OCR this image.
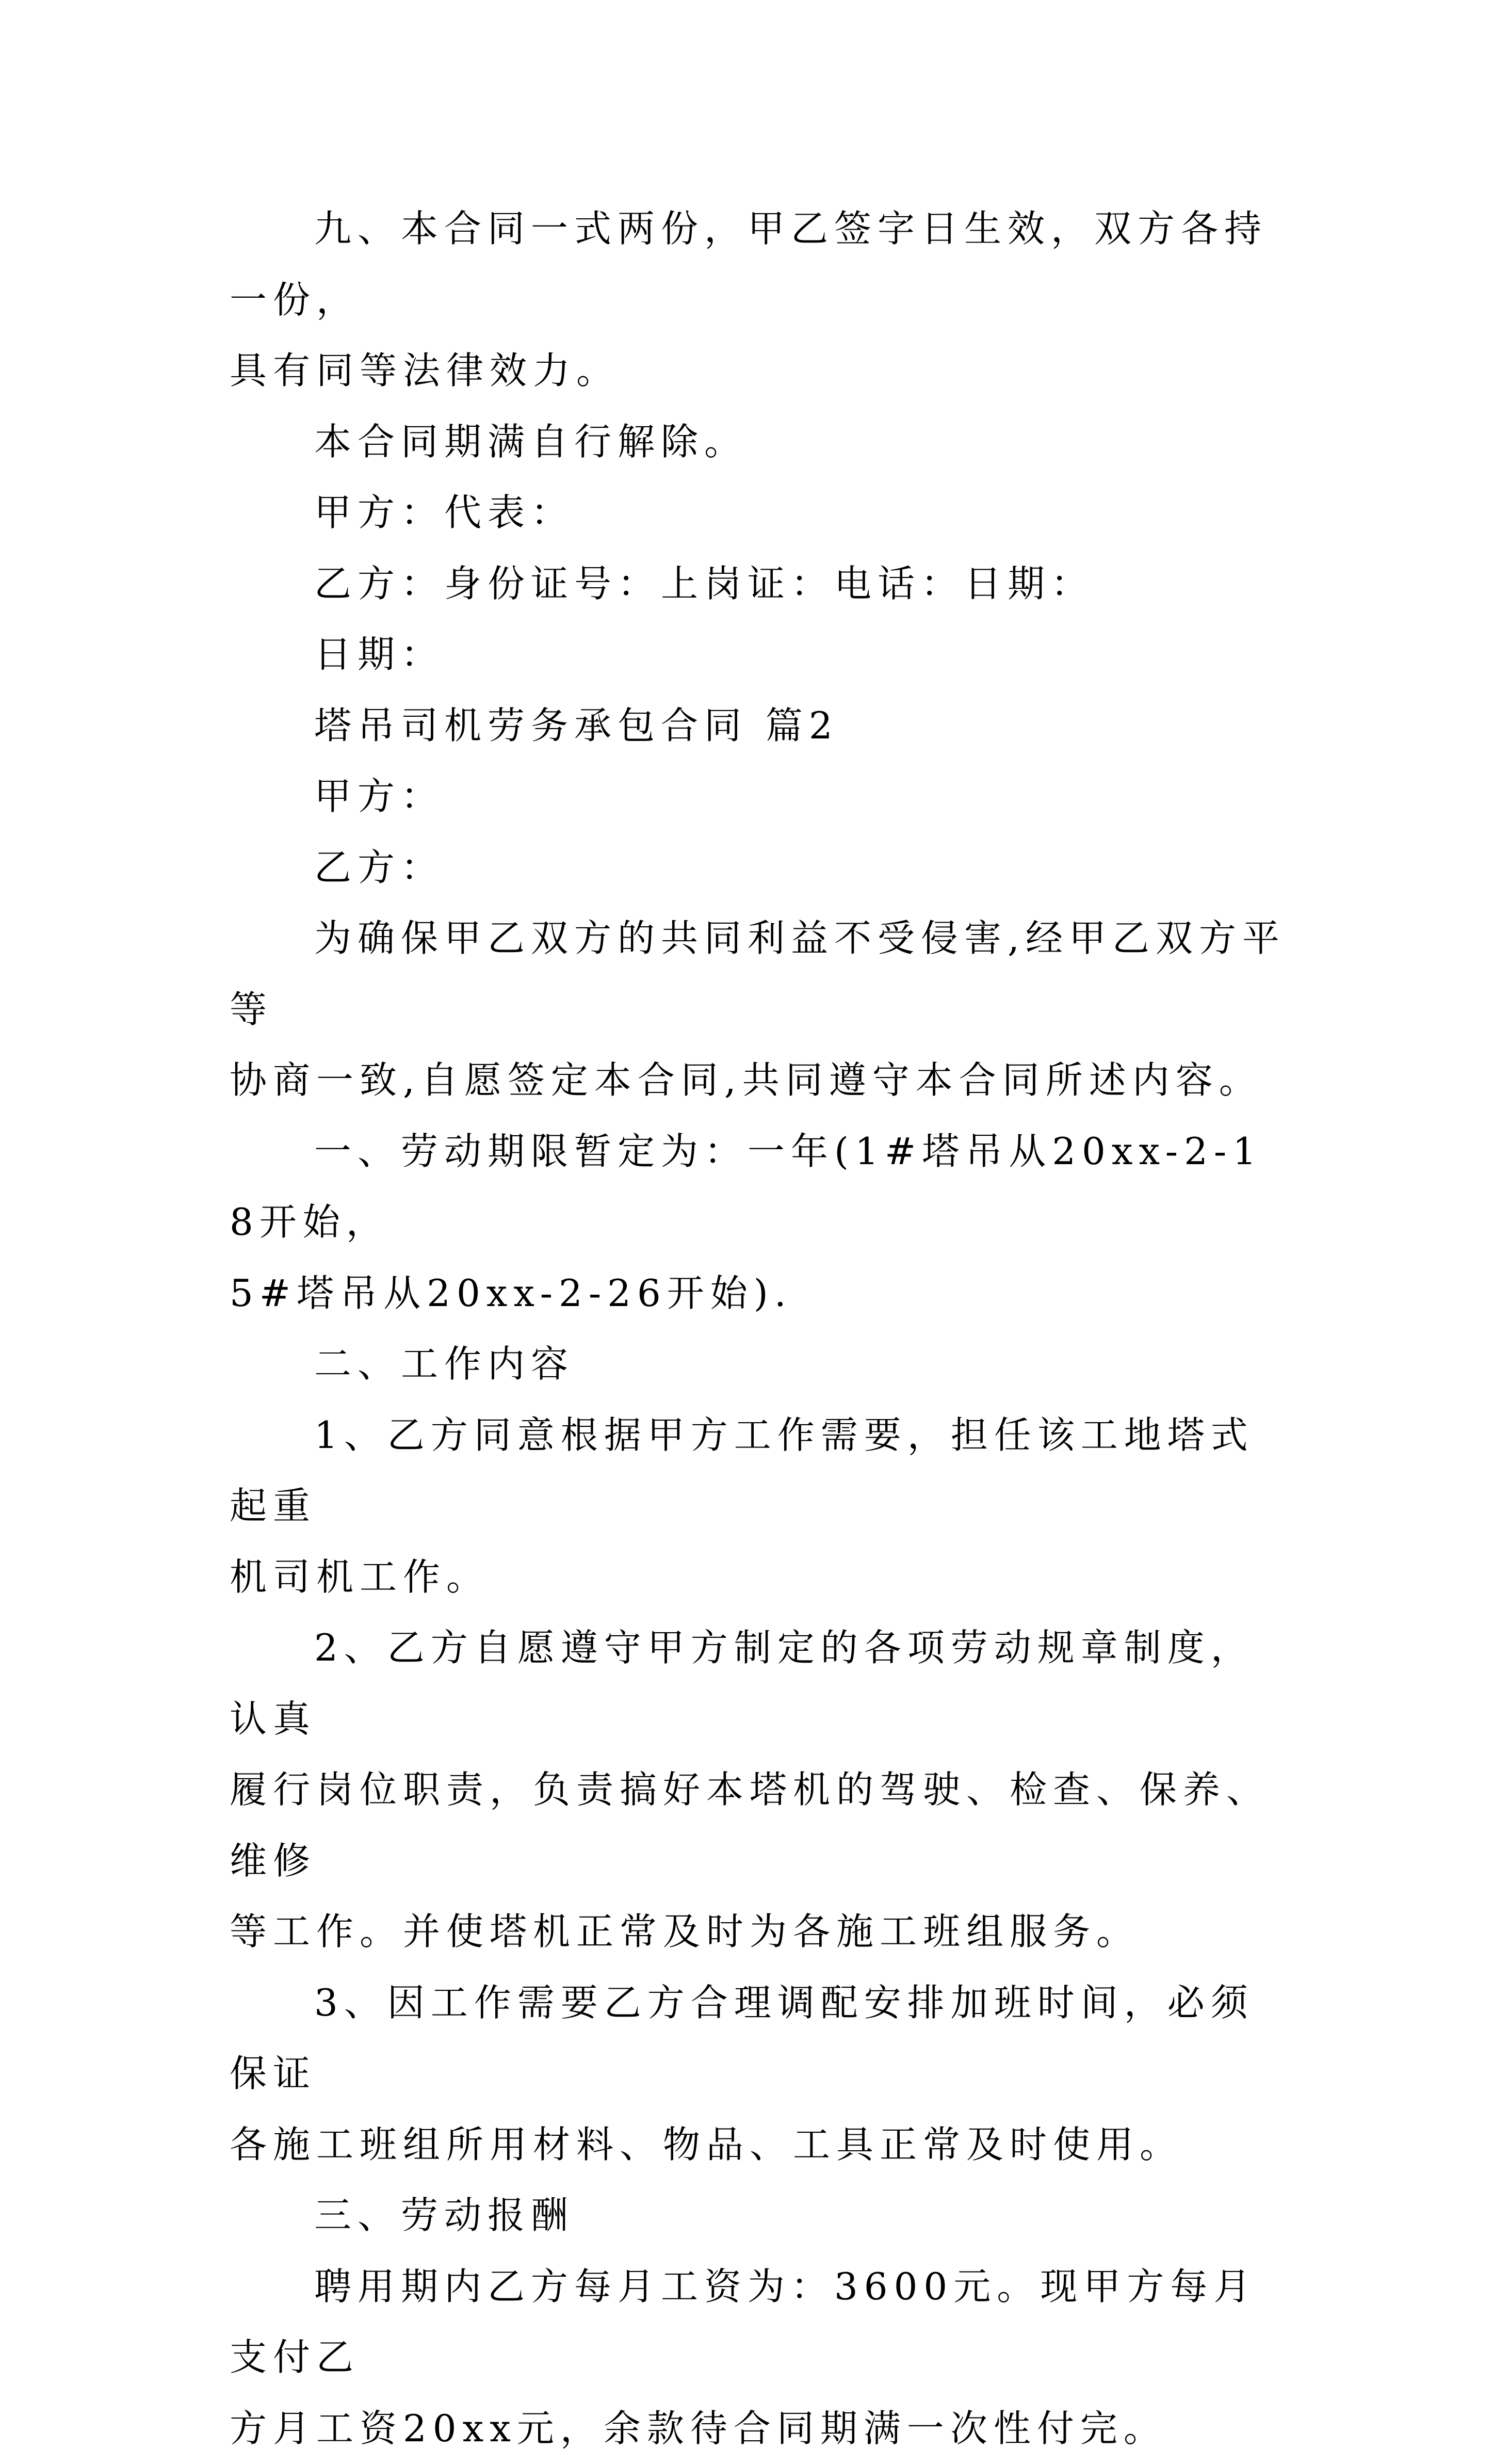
九、本合同一式两份，甲乙签字日生效，双方各持一份，
具有同等法律效力。
本合同期满自行解除。
甲方：代表：
乙方：身份证号：上岗证：电话：日期：
日期：
塔吊司机劳务承包合同 篇2
甲方：
乙方：
为确保甲乙双方的共同利益不受侵害,经甲乙双方平等
协商一致,自愿签定本合同,共同遵守本合同所述内容。
一、劳动期限暂定为：一年(1#塔吊从20xx-2-18开始，
5#塔吊从20xx-2-26开始).
二、工作内容
1、乙方同意根据甲方工作需要，担任该工地塔式起重
机司机工作。
2、乙方自愿遵守甲方制定的各项劳动规章制度，认真
履行岗位职责，负责搞好本塔机的驾驶、检查、保养、维修
等工作。并使塔机正常及时为各施工班组服务。
3、因工作需要乙方合理调配安排加班时间，必须保证
各施工班组所用材料、物品、工具正常及时使用。
三、劳动报酬
聘用期内乙方每月工资为：3600元。现甲方每月支付乙
方月工资20xx元，余款待合同期满一次性付完。
